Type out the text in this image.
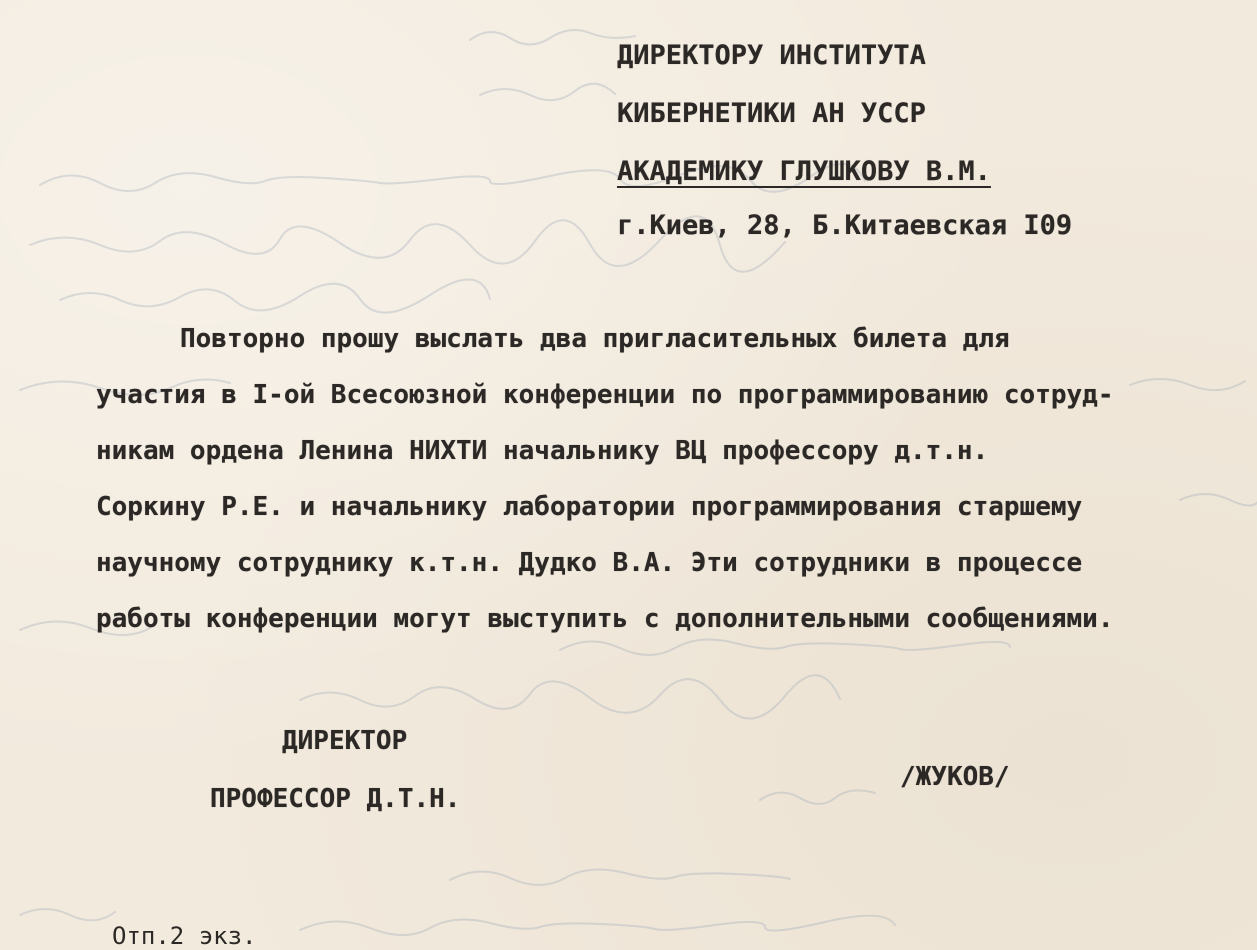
ДИРЕКТОРУ ИНСТИТУТА
КИБЕРНЕТИКИ АН УССР
АКАДЕМИКУ ГЛУШКОВУ В.М.
г.Киев, 28, Б.Китаевская I09
Повторно прошу выслать два пригласительных билета для
участия в I-ой Всесоюзной конференции по программированию сотруд-
никам ордена Ленина НИХТИ начальнику ВЦ профессору д.т.н.
Соркину Р.Е. и начальнику лаборатории программирования старшему
научному сотруднику к.т.н. Дудко В.А. Эти сотрудники в процессе
работы конференции могут выступить с дополнительными сообщениями.
ДИРЕКТОР
ПРОФЕССОР Д.Т.Н.
/ЖУКОВ/
Отп.2 экз.
